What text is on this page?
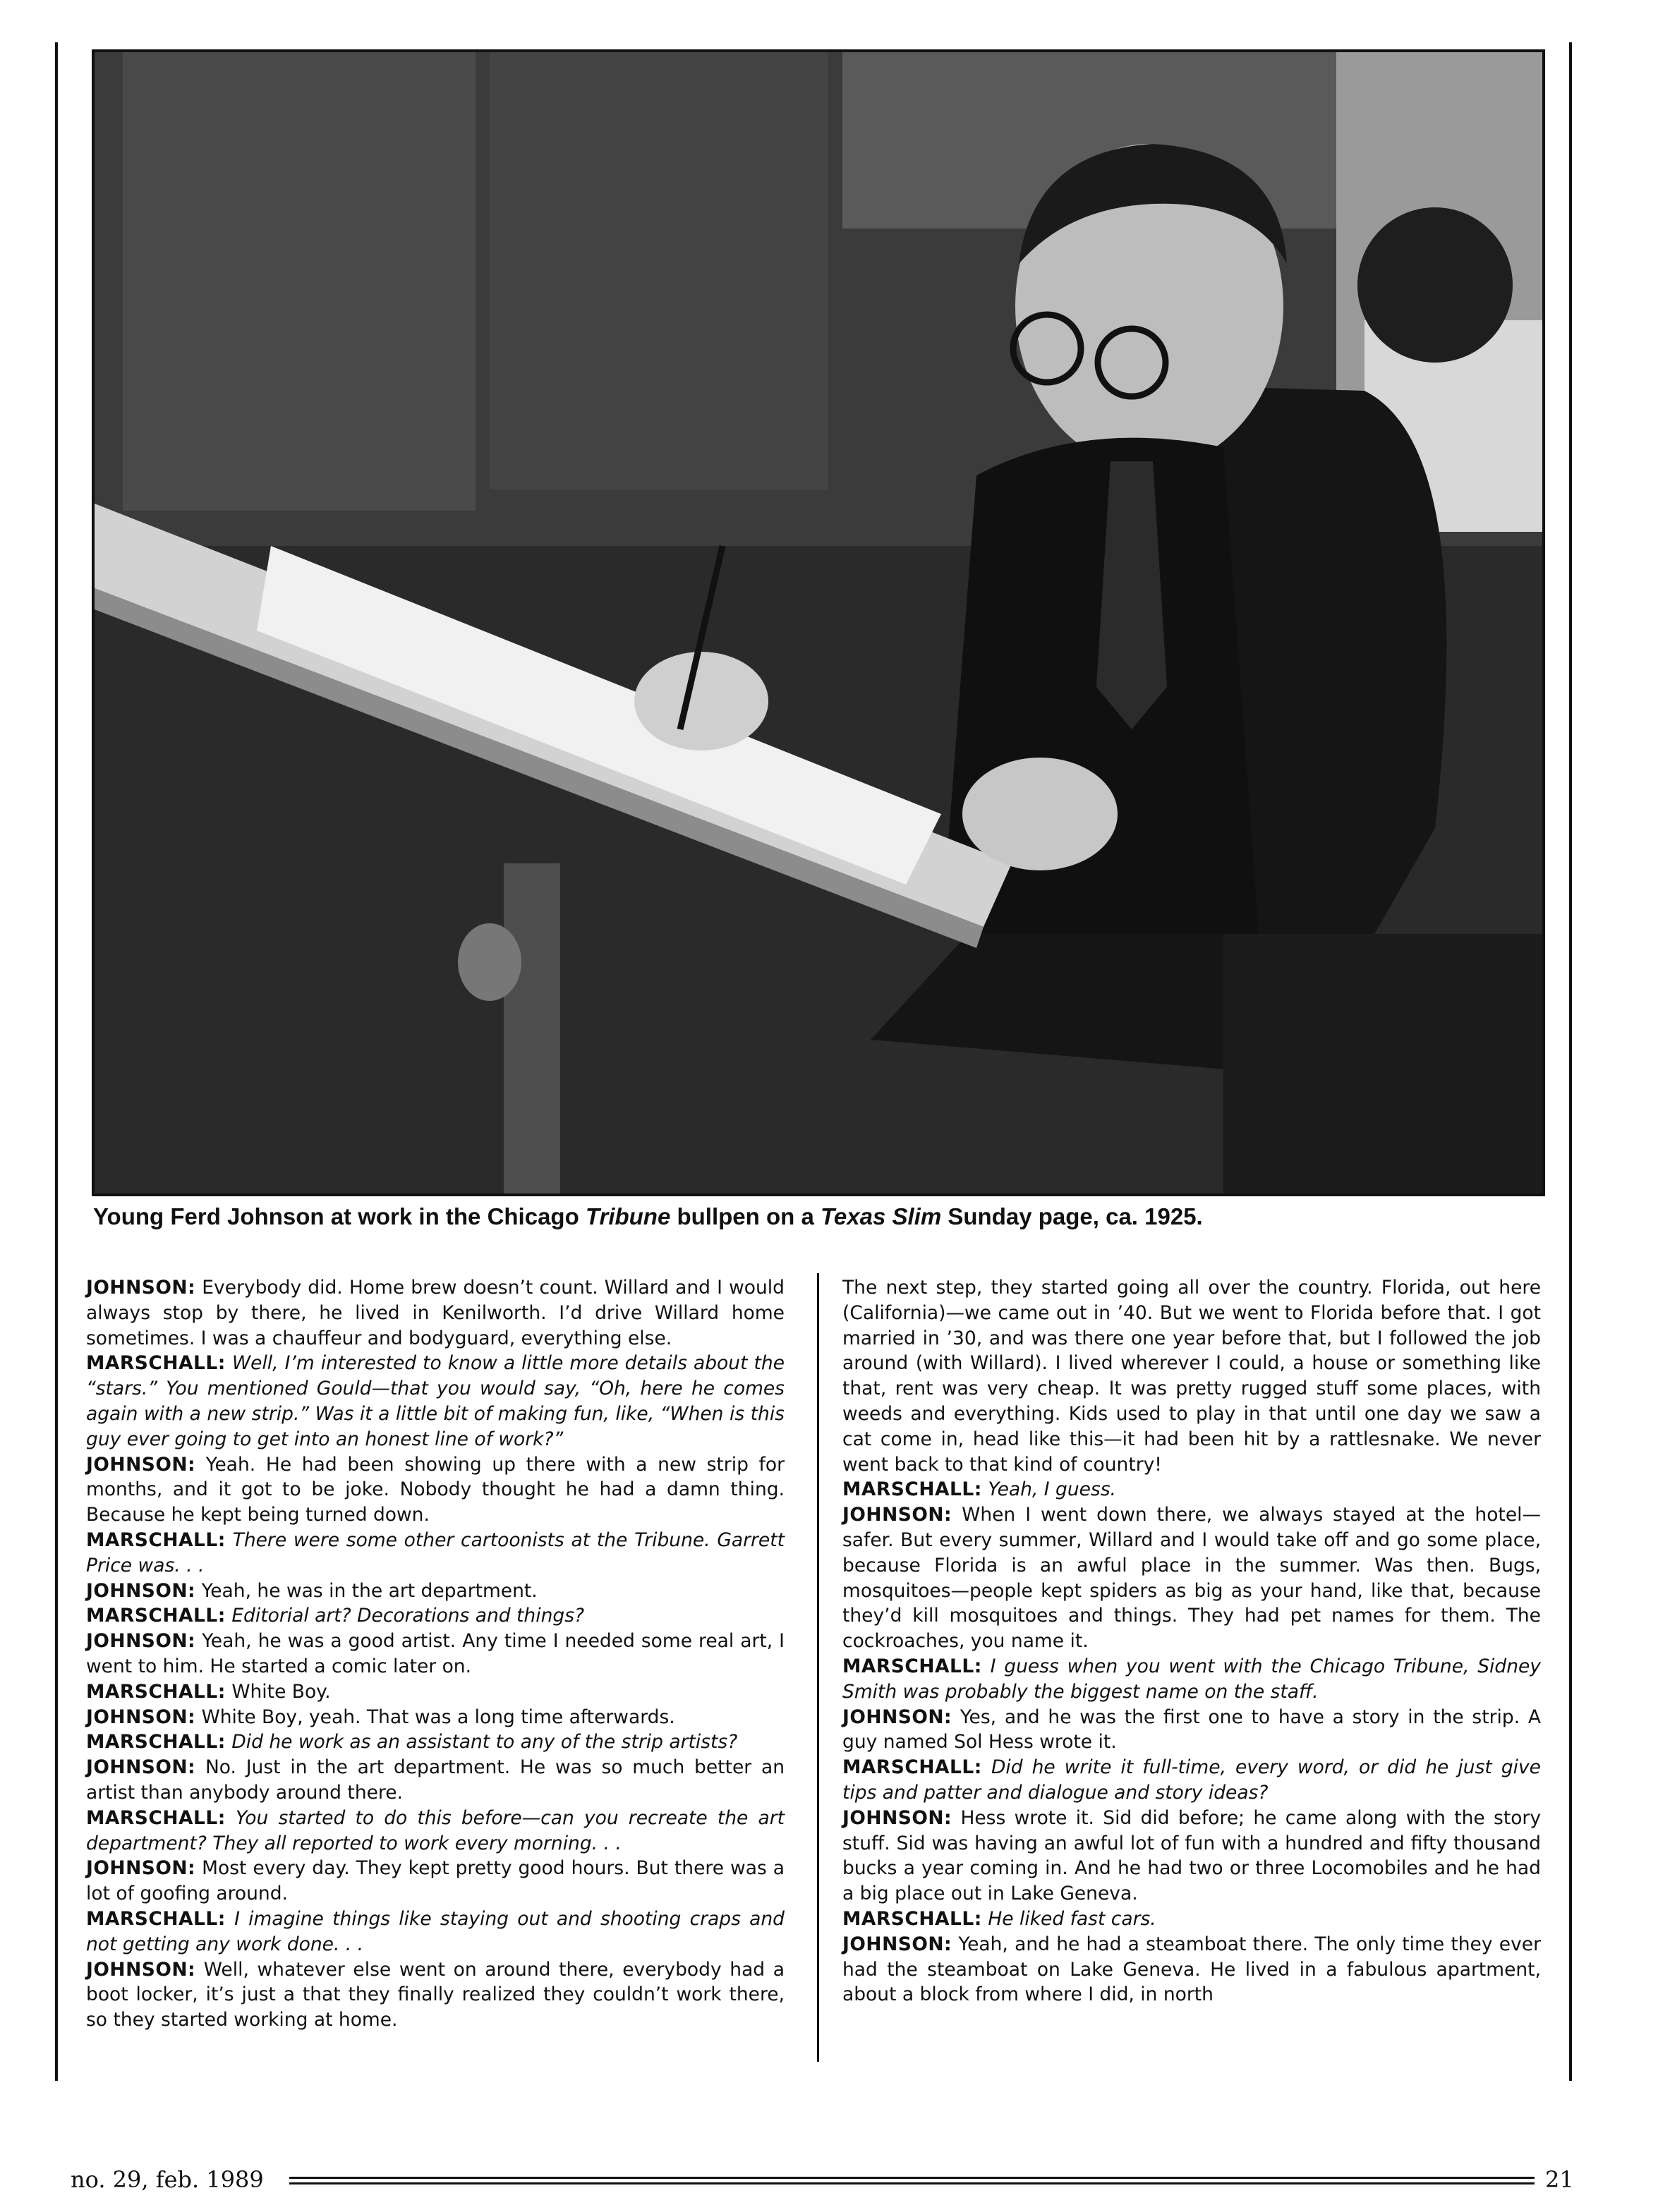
Young Ferd Johnson at work in the Chicago Tribune bullpen on a Texas Slim Sunday page, ca. 1925.

JOHNSON: Everybody did. Home brew doesn’t count. Willard and I would always stop by there, he lived in Kenilworth. I’d drive Willard home sometimes. I was a chauffeur and bodyguard, everything else.

MARSCHALL: Well, I’m interested to know a little more details about the “stars.” You mentioned Gould—that you would say, “Oh, here he comes again with a new strip.” Was it a little bit of making fun, like, “When is this guy ever going to get into an honest line of work?”

JOHNSON: Yeah. He had been showing up there with a new strip for months, and it got to be joke. Nobody thought he had a damn thing. Because he kept being turned down.

MARSCHALL: There were some other cartoonists at the Tribune. Garrett Price was. . .

JOHNSON: Yeah, he was in the art department.

MARSCHALL: Editorial art? Decorations and things?

JOHNSON: Yeah, he was a good artist. Any time I needed some real art, I went to him. He started a comic later on.

MARSCHALL: White Boy.

JOHNSON: White Boy, yeah. That was a long time afterwards.

MARSCHALL: Did he work as an assistant to any of the strip artists?

JOHNSON: No. Just in the art department. He was so much better an artist than anybody around there.

MARSCHALL: You started to do this before—can you recreate the art department? They all reported to work every morning. . .

JOHNSON: Most every day. They kept pretty good hours. But there was a lot of goofing around.

MARSCHALL: I imagine things like staying out and shooting craps and not getting any work done. . .

JOHNSON: Well, whatever else went on around there, everybody had a boot locker, it’s just a that they finally realized they couldn’t work there, so they started working at home.

The next step, they started going all over the country. Florida, out here (California)—we came out in ’40. But we went to Florida before that. I got married in ’30, and was there one year before that, but I followed the job around (with Willard). I lived wherever I could, a house or something like that, rent was very cheap. It was pretty rugged stuff some places, with weeds and everything. Kids used to play in that until one day we saw a cat come in, head like this—it had been hit by a rattlesnake. We never went back to that kind of country!

MARSCHALL: Yeah, I guess.

JOHNSON: When I went down there, we always stayed at the hotel—safer. But every summer, Willard and I would take off and go some place, because Florida is an awful place in the summer. Was then. Bugs, mosquitoes—people kept spiders as big as your hand, like that, because they’d kill mosquitoes and things. They had pet names for them. The cockroaches, you name it.

MARSCHALL: I guess when you went with the Chicago Tribune, Sidney Smith was probably the biggest name on the staff.

JOHNSON: Yes, and he was the first one to have a story in the strip. A guy named Sol Hess wrote it.

MARSCHALL: Did he write it full-time, every word, or did he just give tips and patter and dialogue and story ideas?

JOHNSON: Hess wrote it. Sid did before; he came along with the story stuff. Sid was having an awful lot of fun with a hundred and fifty thousand bucks a year coming in. And he had two or three Locomobiles and he had a big place out in Lake Geneva.

MARSCHALL: He liked fast cars.

JOHNSON: Yeah, and he had a steamboat there. The only time they ever had the steamboat on Lake Geneva. He lived in a fabulous apartment, about a block from where I did, in north

no. 29, feb. 1989	21
